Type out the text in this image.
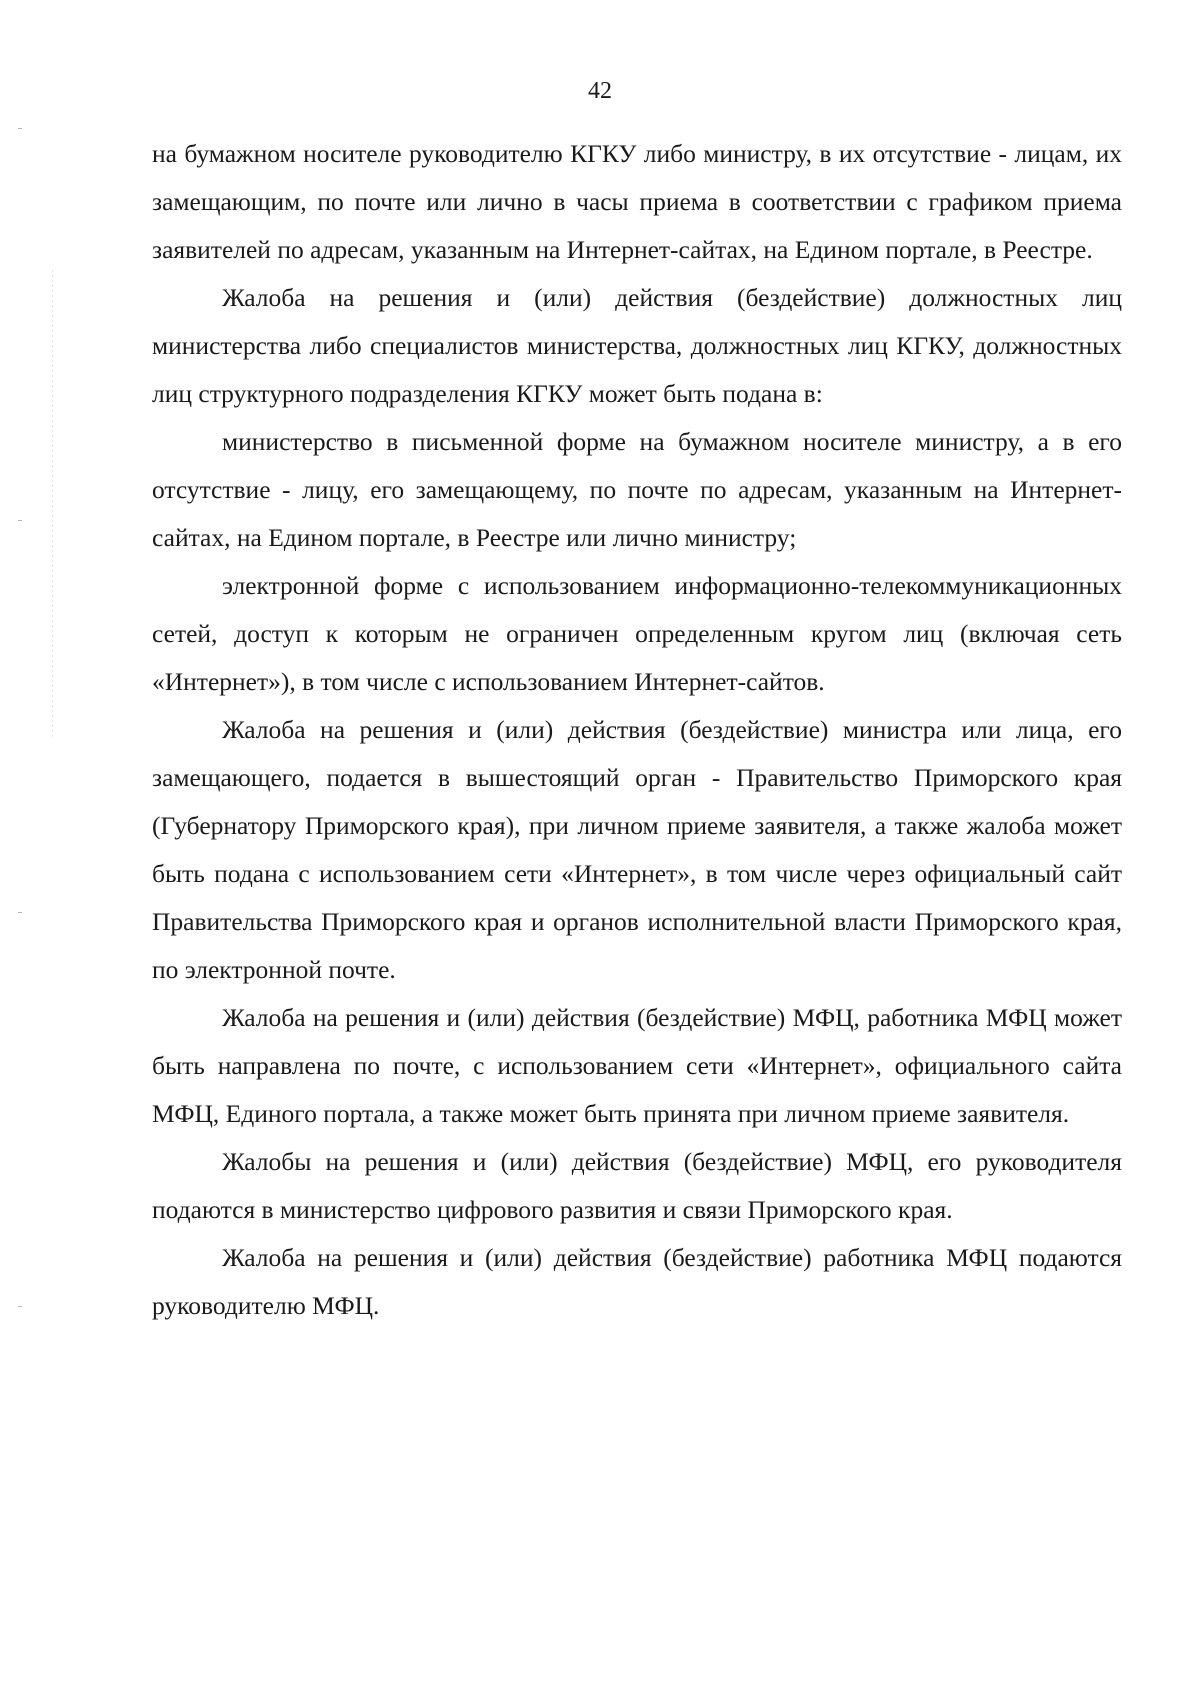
42

на бумажном носителе руководителю КГКУ либо министру, в их отсутствие - лицам, их замещающим, по почте или лично в часы приема в соответствии с графиком приема заявителей по адресам, указанным на Интернет-сайтах, на Едином портале, в Реестре.

Жалоба на решения и (или) действия (бездействие) должностных лиц министерства либо специалистов министерства, должностных лиц КГКУ, должностных лиц структурного подразделения КГКУ может быть подана в:

министерство в письменной форме на бумажном носителе министру, а в его отсутствие - лицу, его замещающему, по почте по адресам, указанным на Интернет-сайтах, на Едином портале, в Реестре или лично министру;

электронной форме с использованием информационно-телекоммуникационных сетей, доступ к которым не ограничен определенным кругом лиц (включая сеть «Интернет»), в том числе с использованием Интернет-сайтов.

Жалоба на решения и (или) действия (бездействие) министра или лица, его замещающего, подается в вышестоящий орган - Правительство Приморского края (Губернатору Приморского края), при личном приеме заявителя, а также жалоба может быть подана с использованием сети «Интернет», в том числе через официальный сайт Правительства Приморского края и органов исполнительной власти Приморского края, по электронной почте.

Жалоба на решения и (или) действия (бездействие) МФЦ, работника МФЦ может быть направлена по почте, с использованием сети «Интернет», официального сайта МФЦ, Единого портала, а также может быть принята при личном приеме заявителя.

Жалобы на решения и (или) действия (бездействие) МФЦ, его руководителя подаются в министерство цифрового развития и связи Приморского края.

Жалоба на решения и (или) действия (бездействие) работника МФЦ подаются руководителю МФЦ.
